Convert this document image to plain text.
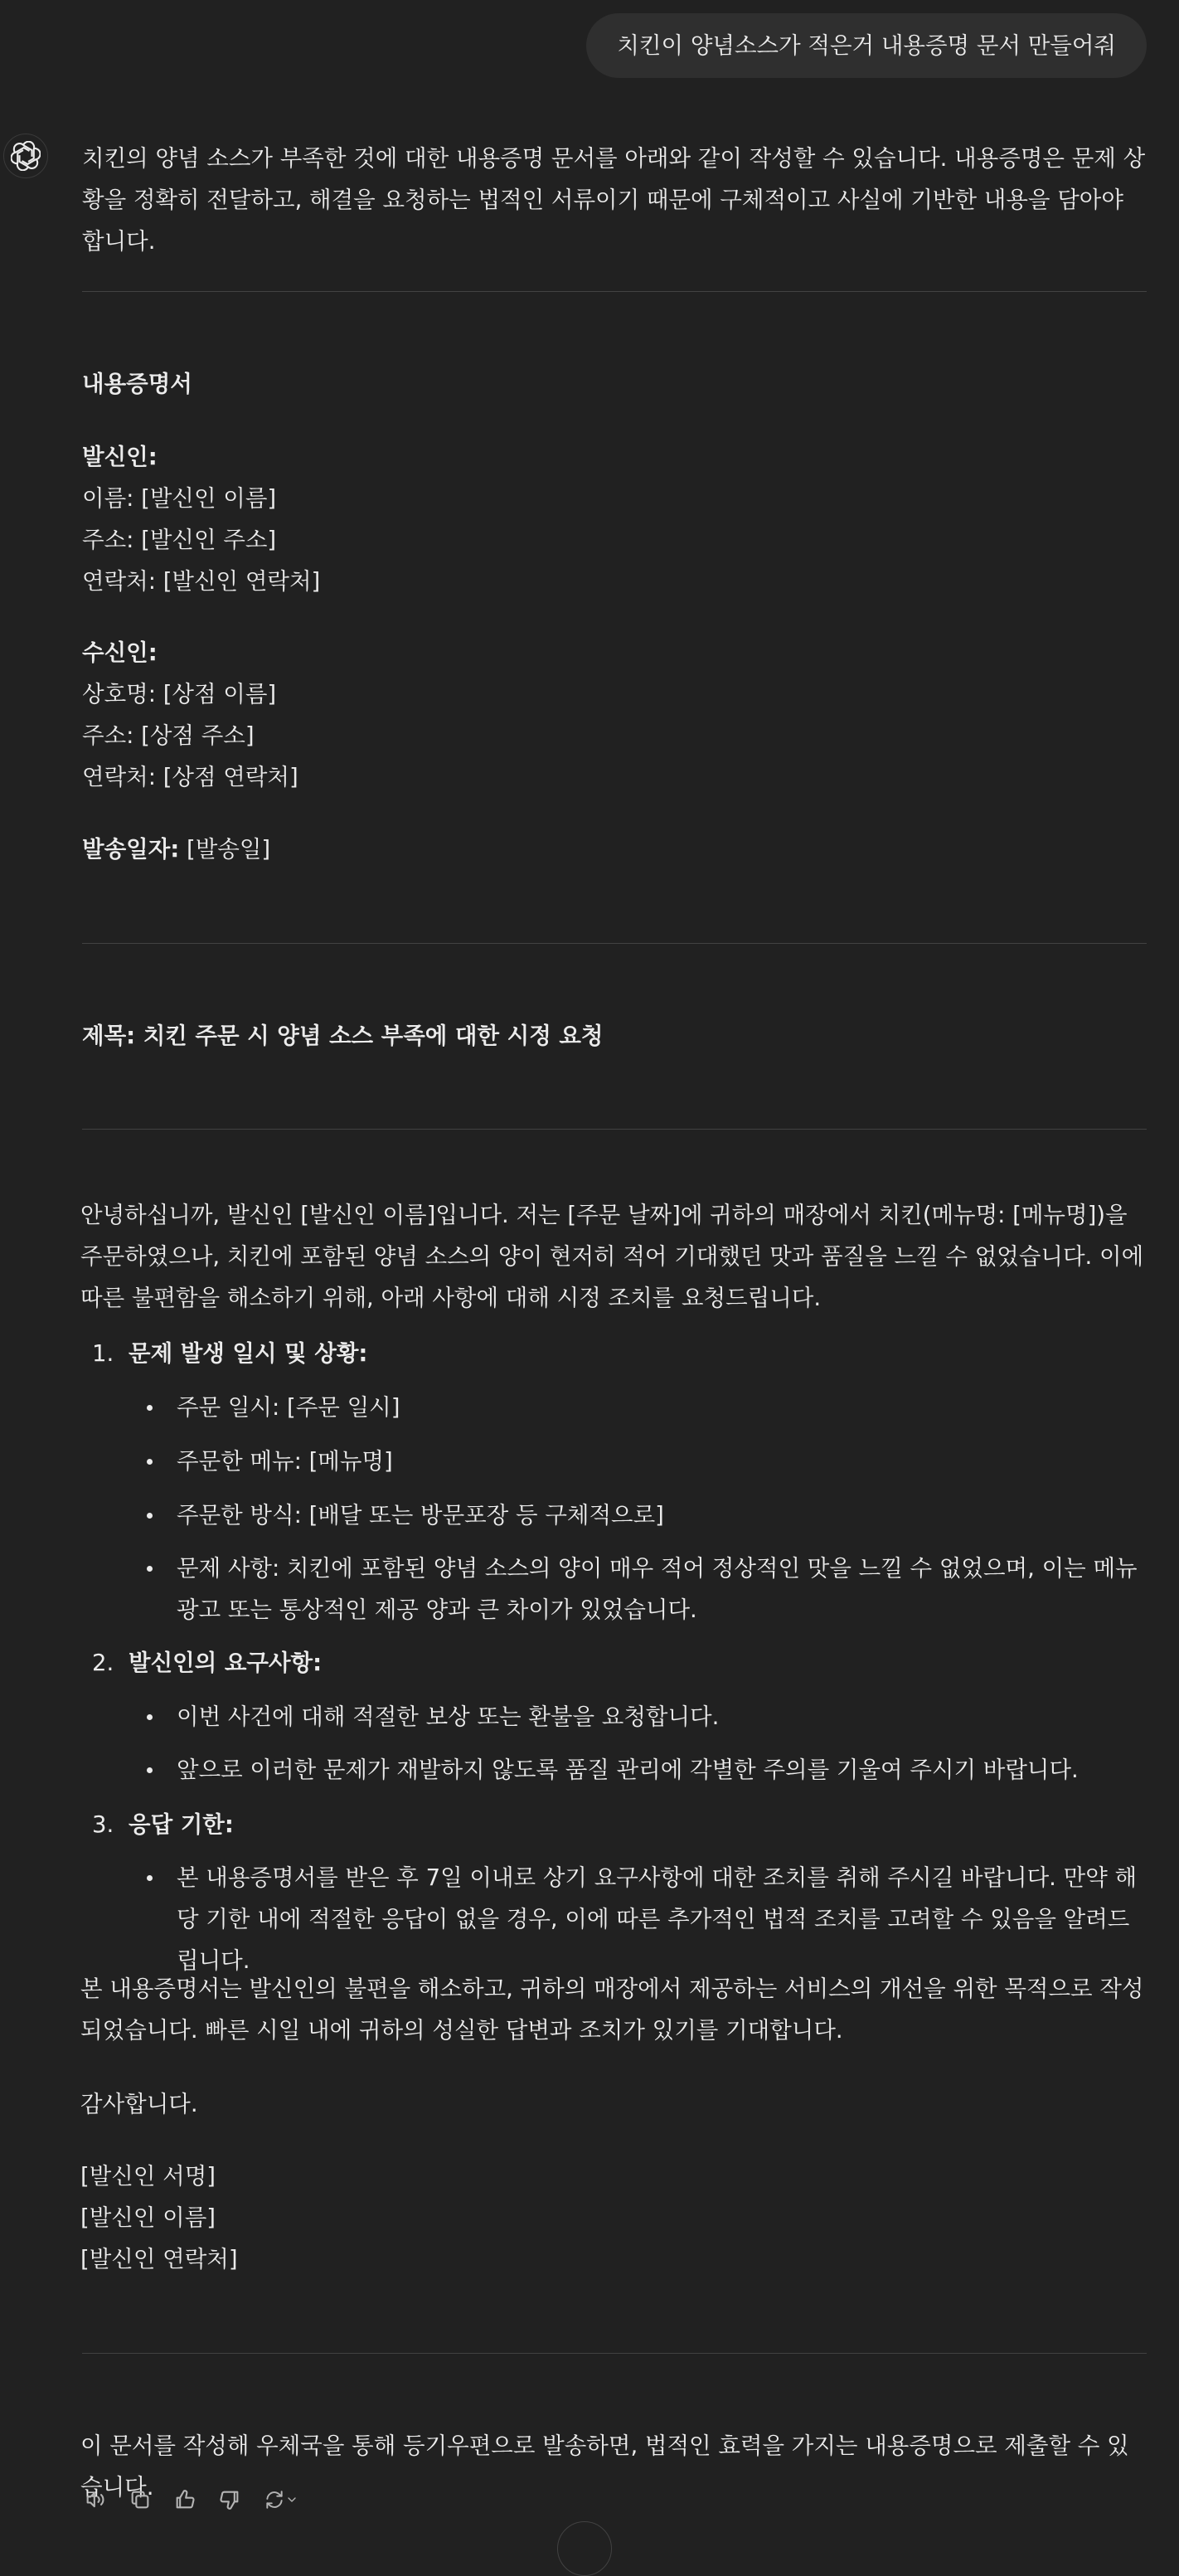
치킨이 양념소스가 적은거 내용증명 문서 만들어줘

치킨의 양념 소스가 부족한 것에 대한 내용증명 문서를 아래와 같이 작성할 수 있습니다. 내용증명은 문제 상황을 정확히 전달하고, 해결을 요청하는 법적인 서류이기 때문에 구체적이고 사실에 기반한 내용을 담아야 합니다.

내용증명서

발신인:

이름: [발신인 이름]

주소: [발신인 주소]

연락처: [발신인 연락처]

수신인:

상호명: [상점 이름]

주소: [상점 주소]

연락처: [상점 연락처]

발송일자: [발송일]

제목: 치킨 주문 시 양념 소스 부족에 대한 시정 요청

안녕하십니까, 발신인 [발신인 이름]입니다. 저는 [주문 날짜]에 귀하의 매장에서 치킨(메뉴명: [메뉴명])을 주문하였으나, 치킨에 포함된 양념 소스의 양이 현저히 적어 기대했던 맛과 품질을 느낄 수 없었습니다. 이에 따른 불편함을 해소하기 위해, 아래 사항에 대해 시정 조치를 요청드립니다.

1. 문제 발생 일시 및 상황:
주문 일시: [주문 일시]
주문한 메뉴: [메뉴명]
주문한 방식: [배달 또는 방문포장 등 구체적으로]
문제 사항: 치킨에 포함된 양념 소스의 양이 매우 적어 정상적인 맛을 느낄 수 없었으며, 이는 메뉴 광고 또는 통상적인 제공 양과 큰 차이가 있었습니다.
2. 발신인의 요구사항:
이번 사건에 대해 적절한 보상 또는 환불을 요청합니다.
앞으로 이러한 문제가 재발하지 않도록 품질 관리에 각별한 주의를 기울여 주시기 바랍니다.
3. 응답 기한:
본 내용증명서를 받은 후 7일 이내로 상기 요구사항에 대한 조치를 취해 주시길 바랍니다. 만약 해당 기한 내에 적절한 응답이 없을 경우, 이에 따른 추가적인 법적 조치를 고려할 수 있음을 알려드립니다.

본 내용증명서는 발신인의 불편을 해소하고, 귀하의 매장에서 제공하는 서비스의 개선을 위한 목적으로 작성되었습니다. 빠른 시일 내에 귀하의 성실한 답변과 조치가 있기를 기대합니다.

감사합니다.

[발신인 서명]

[발신인 이름]

[발신인 연락처]

이 문서를 작성해 우체국을 통해 등기우편으로 발송하면, 법적인 효력을 가지는 내용증명으로 제출할 수 있습니다.
